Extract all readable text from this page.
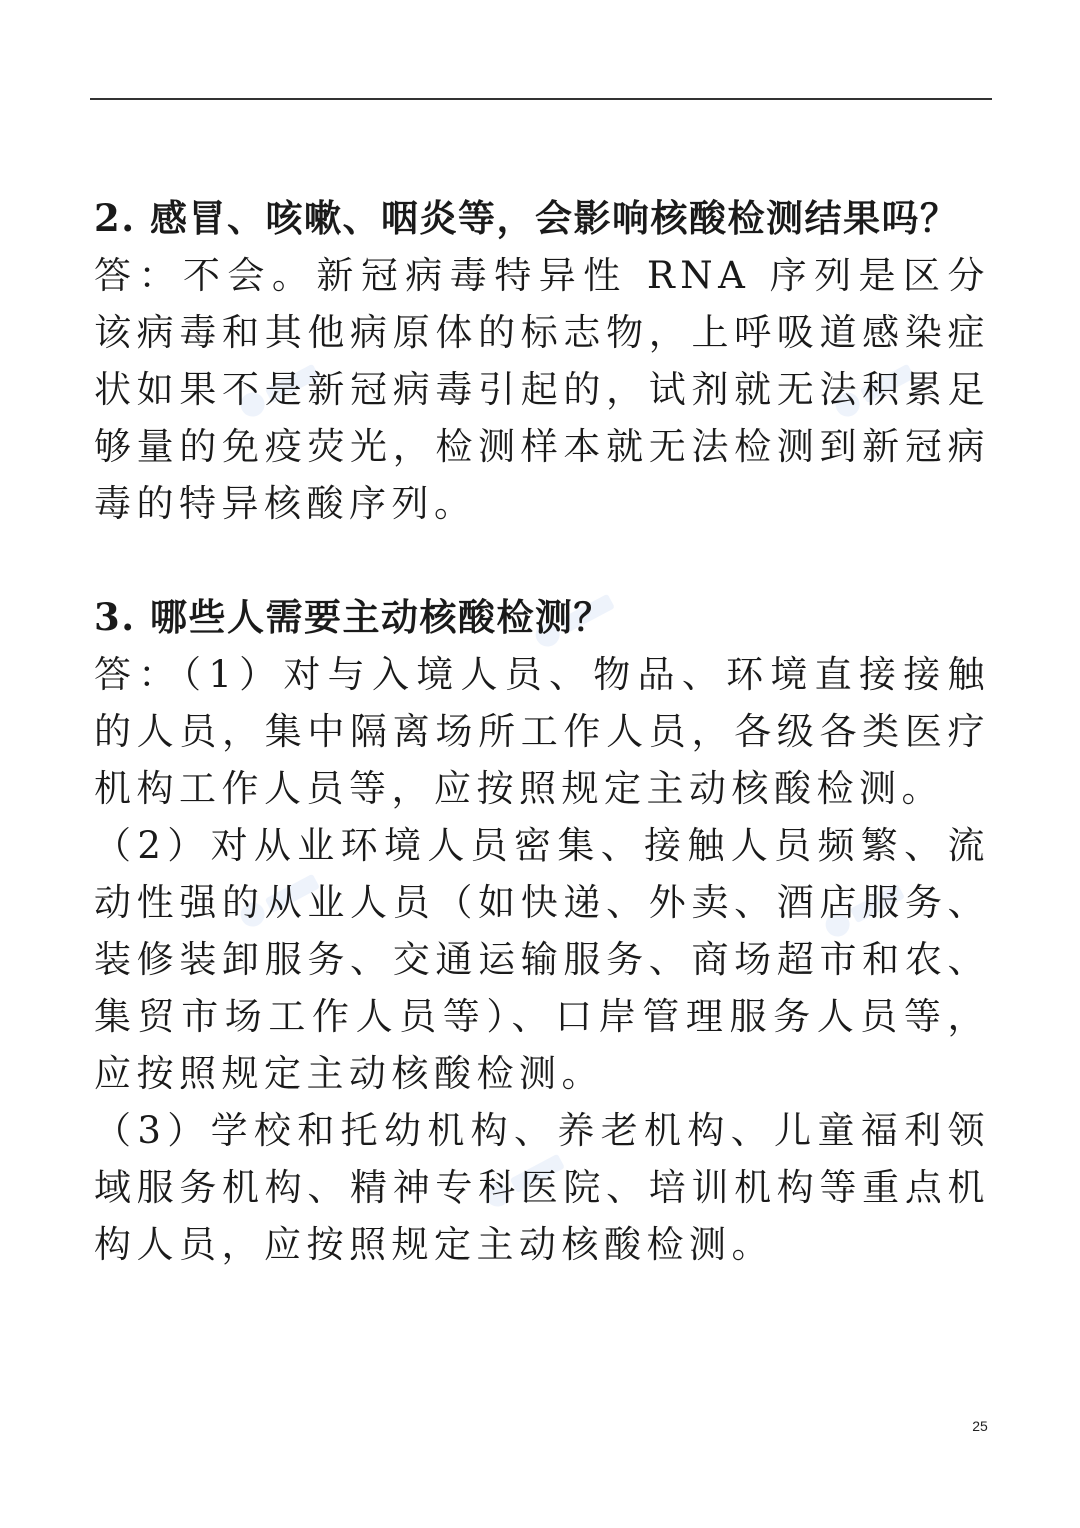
2. 感冒、咳嗽、咽炎等，会影响核酸检测结果吗？

答：不会。新冠病毒特异性 RNA 序列是区分该病毒和其他病原体的标志物，上呼吸道感染症状如果不是新冠病毒引起的，试剂就无法积累足够量的免疫荧光，检测样本就无法检测到新冠病毒的特异核酸序列。

3. 哪些人需要主动核酸检测？

答：（1）对与入境人员、物品、环境直接接触的人员，集中隔离场所工作人员，各级各类医疗机构工作人员等，应按照规定主动核酸检测。

（2）对从业环境人员密集、接触人员频繁、流动性强的从业人员（如快递、外卖、酒店服务、装修装卸服务、交通运输服务、商场超市和农、集贸市场工作人员等）、口岸管理服务人员等，应按照规定主动核酸检测。

（3）学校和托幼机构、养老机构、儿童福利领域服务机构、精神专科医院、培训机构等重点机构人员，应按照规定主动核酸检测。

25
